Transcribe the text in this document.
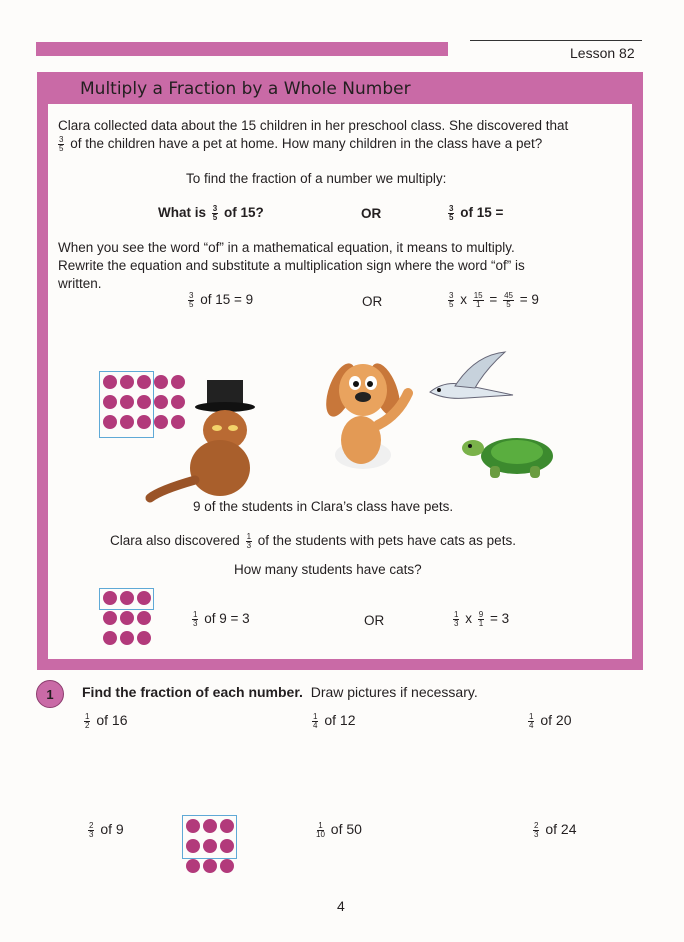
Lesson 82
Multiply a Fraction by a Whole Number
Clara collected data about the 15 children in her preschool class. She discovered that
$\frac{3}{5}$ of the children have a pet at home. How many children in the class have a pet?
To find the fraction of a number we multiply:
What is $\frac{3}{5}$ of 15?	OR	$\frac{3}{5}$ of 15 =
When you see the word “of” in a mathematical equation, it means to multiply.
Rewrite the equation and substitute a multiplication sign where the word “of” is
written.
$\frac{3}{5}$ of 15 = 9	OR	$\frac{3}{5}$ x $\frac{15}{1} = \frac{45}{5} = 9$
9 of the students in Clara’s class have pets.
Clara also discovered $\frac{1}{3}$ of the students with pets have cats as pets.
How many students have cats?
$\frac{1}{3}$ of 9 = 3	OR	$\frac{1}{3}$ x $\frac{9}{1} = 3$
1	Find the fraction of each number. Draw pictures if necessary.
$\frac{1}{2}$ of 16	$\frac{1}{4}$ of 12	$\frac{1}{4}$ of 20
$\frac{2}{3}$ of 9	$\frac{1}{10}$ of 50	$\frac{2}{3}$ of 24
4
